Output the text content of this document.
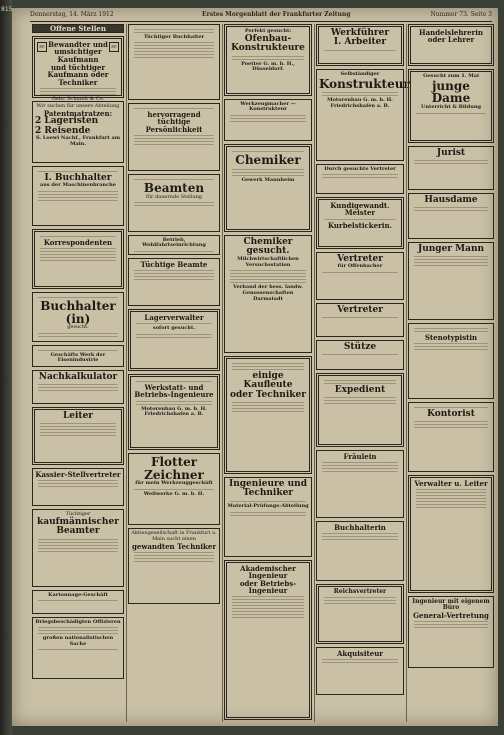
815
Donnerstag, 14. März 1912	Erstes Morgenblatt der Frankfurter Zeitung	Nummer 73. Seite 3
Offene Stellen
FF	FF
Bewandter und umsichtiger Kaufmann
und tüchtiger Kaufmann oder Techniker
Gebr. Schmidt & Co.
Wir suchen für unsere Abteilung
Patentmatratzen:
2 Lageristen
2 Reisende
S. Loewi Nachf., Frankfurt am Main.
I. Buchhalter
aus der Maschinenbranche
Korrespondenten
Buchhalter (in)
gesucht.
Geschäfts Werk der Eisenindustrie
Nachkalkulator
Leiter
Kassier-Stellvertreter
Tüchtiger
kaufmännischer Beamter
Kartonnage-Geschäft
Briegsbeschädigten Offizieren
großen nationalistischen Sache
Tüchtiger Buchhalter
hervorragend tüchtige Persönlichkeit
Beamten
für dauernde Stellung
Betrieb, Wohlfahrtseinrichtung
Tüchtige Beamte
Lagerverwalter
sofort gesucht.
Werkstatt- und Betriebs-Ingenieure
Motorenbau G. m. b. H. Friedrichshafen a. B.
Flotter Zeichner
für mein Werkzeuggeschäft
Weilwerke G. m. b. H.
Aktiengesellschaft in Frankfurt a. Main sucht einen
gewandten Techniker
Perfekt gesucht:
Ofenbau-Konstrukteure
Poetter G. m. b. H., Düsseldorf.
Werkzeugmacher — Konstrukteur
Chemiker
Gewerk Mannheim
Chemiker gesucht.
Milchwirtschaftlichen Versuchsstation
Verband der hess. landw. Genossenschaften Darmstadt
einige Kaufleute
oder Techniker
Ingenieure und Techniker
Material-Prüfungs-Abteilung
Akademischer Ingenieur
oder Betriebs-Ingenieur
Werkführer
I. Arbeiter
Selbständiger
Konstrukteur
Motorenbau G. m. b. H. Friedrichshafen a. B.
Durch gesuchte Vertreter
Kundigewandt. Meister
Kurbelstickerin.
Vertreter
für Offenbacher
Vertreter
Stütze
Expedient
Fräulein
Buchhalterin
Reichsvertreter
Akquisiteur
Handelslehrerin
oder Lehrer
Gesucht zum 1. Mai
junge Dame
Unterricht & Bildung
Jurist
Hausdame
Junger Mann
Stenotypistin
Kontorist
Verwalter u. Leiter
Ingenieur mit eigenem Büro
General-Vertretung
